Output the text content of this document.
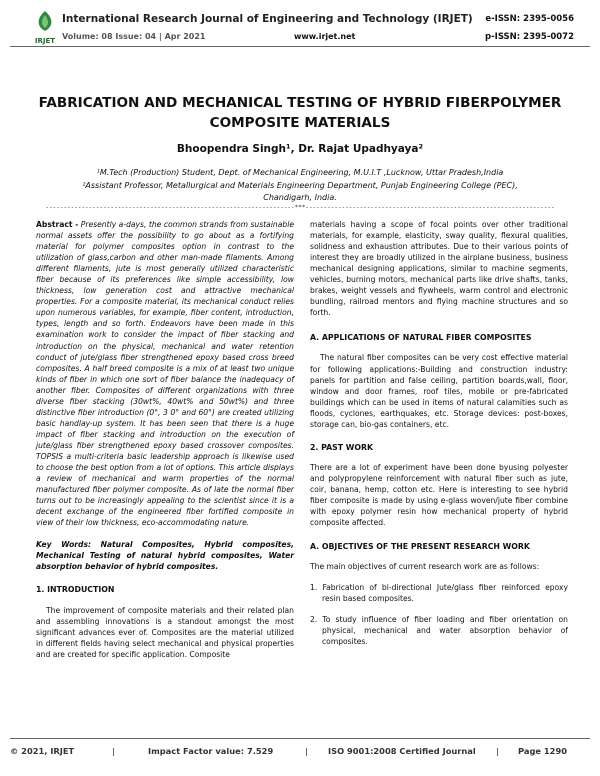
IRJET
International Research Journal of Engineering and Technology (IRJET) e-ISSN: 2395-0056
Volume: 08 Issue: 04 | Apr 2021	www.irjet.net	p-ISSN: 2395-0072
FABRICATION AND MECHANICAL TESTING OF HYBRID FIBERPOLYMER
COMPOSITE MATERIALS
Bhoopendra Singh¹, Dr. Rajat Upadhyaya²
¹M.Tech (Production) Student, Dept. of Mechanical Engineering, M.U.I.T ,Lucknow, Uttar Pradesh,India
²Assistant Professor, Metallurgical and Materials Engineering Department, Punjab Engineering College (PEC),
Chandigarh, India.
---------------------------------------------------------------------***---------------------------------------------------------------------

Abstract - Presently a-days, the common strands from sustainable normal assets offer the possibility to go about as a fortifying material for polymer composites option in contrast to the utilization of glass,carbon and other man-made filaments. Among different filaments, jute is most generally utilized characteristic fiber because of its preferences like simple accessibility, low thickness, low generation cost and attractive mechanical properties. For a composite material, its mechanical conduct relies upon numerous variables, for example, fiber content, introduction, types, length and so forth. Endeavors have been made in this examination work to consider the impact of fiber stacking and introduction on the physical, mechanical and water retention conduct of jute/glass fiber strengthened epoxy based cross breed composites. A half breed composite is a mix of at least two unique kinds of fiber in which one sort of fiber balance the inadequacy of another fiber. Composites of different organizations with three diverse fiber stacking (30wt%, 40wt% and 50wt%) and three distinctive fiber introduction (0°, 3 0° and 60°) are created utilizing basic handlay-up system. It has been seen that there is a huge impact of fiber stacking and introduction on the execution of jute/glass fiber strengthened epoxy based crossover composites. TOPSIS a multi-criteria basic leadership approach is likewise used to choose the best option from a lot of options. This article displays a review of mechanical and warm properties of the normal manufactured fiber polymer composite. As of late the normal fiber turns out to be increasingly appealing to the scientist since it is a decent exchange of the engineered fiber fortified composite in view of their low thickness, eco-accommodating nature.

Key Words: Natural Composites, Hybrid composites, Mechanical Testing of natural hybrid composites, Water absorption behavior of hybrid composites.

1. INTRODUCTION

The improvement of composite materials and their related plan and assembling innovations is a standout amongst the most significant advances ever of. Composites are the material utilized in different fields having select mechanical and physical properties and are created for specific application. Composite

materials having a scope of focal points over other traditional materials, for example, elasticity, sway quality, flexural qualities, solidness and exhaustion attributes. Due to their various points of interest they are broadly utilized in the airplane business, business mechanical designing applications, similar to machine segments, vehicles, burning motors, mechanical parts like drive shafts, tanks, brakes, weight vessels and flywheels, warm control and electronic bundling, railroad mentors and flying machine structures and so forth.

A. APPLICATIONS OF NATURAL FIBER COMPOSITES

The natural fiber composites can be very cost effective material for following applications:-Building and construction industry: panels for partition and false ceiling, partition boards,wall, floor, window and door frames, roof tiles, mobile or pre-fabricated buildings which can be used in items of natural calamities such as floods, cyclones, earthquakes, etc. Storage devices: post-boxes, storage can, bio-gas containers, etc.

2. PAST WORK

There are a lot of experiment have been done byusing polyester and polypropylene reinforcement with natural fiber such as jute, coir, banana, hemp, cotton etc. Here is interesting to see hybrid fiber composite is made by using e-glass woven/jute fiber combine with epoxy polymer resin how mechanical property of hybrid composite affected.

A. OBJECTIVES OF THE PRESENT RESEARCH WORK

The main objectives of current research work are as follows:

1. Fabrication of bi-directional Jute/glass fiber reinforced epoxy resin based composites.

2. To study influence of fiber loading and fiber orientation on physical, mechanical and water absorption behavior of composites.

© 2021, IRJET	|	Impact Factor value: 7.529	| ISO 9001:2008 Certified Journal | Page 1290
